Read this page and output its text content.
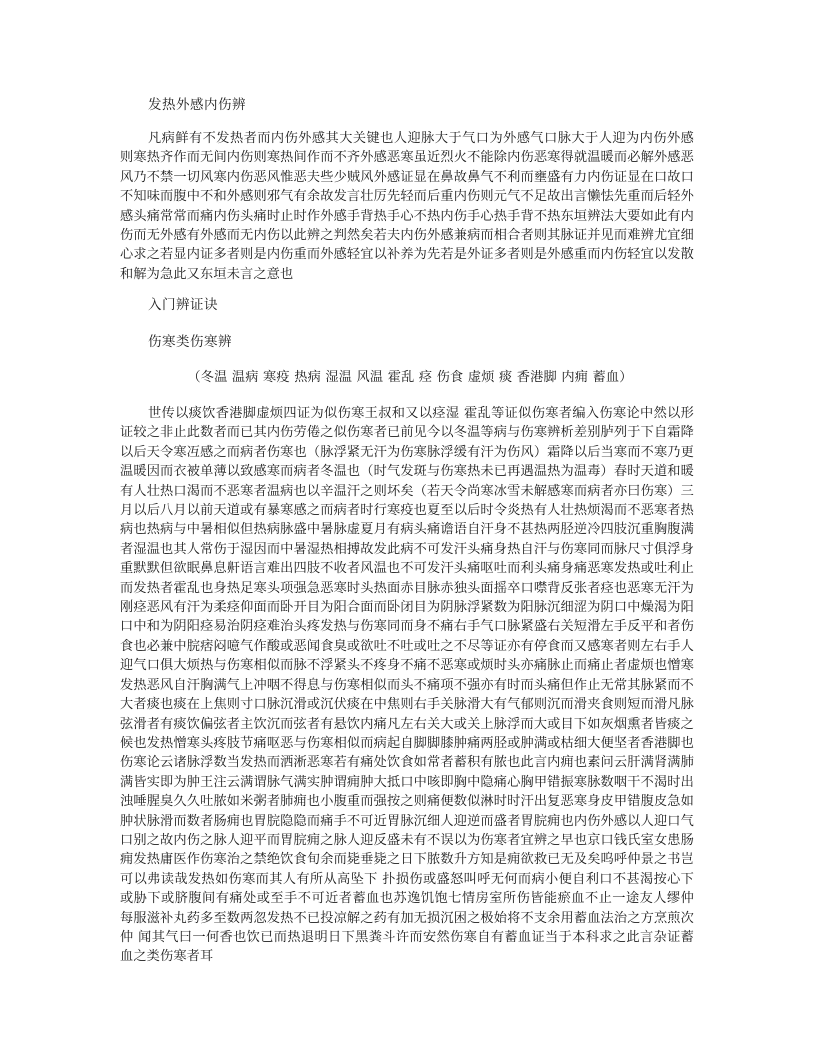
发热外感内伤辨
凡病鲜有不发热者而内伤外感其大关键也人迎脉大于气口为外感气口脉大于人迎为内伤外感则寒热齐作而无间内伤则寒热间作而不齐外感恶寒虽近烈火不能除内伤恶寒得就温暖而必解外感恶风乃不禁一切风寒内伤恶风惟恶夫些少贼风外感证显在鼻故鼻气不利而壅盛有力内伤证显在口故口不知味而腹中不和外感则邪气有余故发言壮厉先轻而后重内伤则元气不足故出言懒怯先重而后轻外感头痛常常而痛内伤头痛时止时作外感手背热手心不热内伤手心热手背不热东垣辨法大要如此有内伤而无外感有外感而无内伤以此辨之判然矣若夫内伤外感兼病而相合者则其脉证并见而难辨尤宜细心求之若显内证多者则是内伤重而外感轻宜以补养为先若是外证多者则是外感重而内伤轻宜以发散和解为急此又东垣未言之意也
入门辨证诀
伤寒类伤寒辨
（冬温 温病 寒疫 热病 湿温 风温 霍乱 痉 伤食 虚烦 痰 香港脚 内痈 蓄血）
世传以痰饮香港脚虚烦四证为似伤寒王叔和又以痉湿 霍乱等证似伤寒者编入伤寒论中然以形证较之非止此数者而已其内伤劳倦之似伤寒者已前见今以冬温等病与伤寒辨析差别胪列于下自霜降以后天令寒冱感之而病者伤寒也（脉浮紧无汗为伤寒脉浮缓有汗为伤风）霜降以后当寒而不寒乃更温暖因而衣被单薄以致感寒而病者冬温也（时气发斑与伤寒热未已再遇温热为温毒）春时天道和暖有人壮热口渴而不恶寒者温病也以辛温汗之则坏矣（若天令尚寒冰雪未解感寒而病者亦曰伤寒）三月以后八月以前天道或有暴寒感之而病者时行寒疫也夏至以后时令炎热有人壮热烦渴而不恶寒者热病也热病与中暑相似但热病脉盛中暑脉虚夏月有病头痛谵语自汗身不甚热两胫逆冷四肢沉重胸腹满者湿温也其人常伤于湿因而中暑湿热相搏故发此病不可发汗头痛身热自汗与伤寒同而脉尺寸俱浮身重默默但欲眠鼻息鼾语言难出四肢不收者风温也不可发汗头痛呕吐而利头痛身痛恶寒发热或吐利止而发热者霍乱也身热足寒头项强急恶寒时头热面赤目脉赤独头面摇卒口噤背反张者痉也恶寒无汗为刚痉恶风有汗为柔痉仰面而卧开目为阳合面而卧闭目为阴脉浮紧数为阳脉沉细涩为阴口中燥渴为阳口中和为阴阳痉易治阴痉难治头疼发热与伤寒同而身不痛右手气口脉紧盛右关短滑左手反平和者伤食也必兼中脘痞闷噫气作酸或恶闻食臭或欲吐不吐或吐之不尽等证亦有停食而又感寒者则左右手人迎气口俱大烦热与伤寒相似而脉不浮紧头不疼身不痛不恶寒或烦时头亦痛脉止而痛止者虚烦也憎寒发热恶风自汗胸满气上冲咽不得息与伤寒相似而头不痛项不强亦有时而头痛但作止无常其脉紧而不大者痰也痰在上焦则寸口脉沉滑或沉伏痰在中焦则右手关脉滑大有气郁则沉而滑夹食则短而滑凡脉弦滑者有痰饮偏弦者主饮沉而弦者有悬饮内痛凡左右关大或关上脉浮而大或目下如灰烟熏者皆痰之候也发热憎寒头疼肢节痛呕恶与伤寒相似而病起自脚脚膝肿痛两胫或肿满或枯细大便坚者香港脚也伤寒论云诸脉浮数当发热而洒淅恶寒若有痛处饮食如常者蓄积有脓也此言内痈也素问云肝满肾满肺满皆实即为肿王注云满谓脉气满实肿谓痈肿大抵口中咳即胸中隐痛心胸甲错振寒脉数咽干不渴时出浊唾腥臭久久吐脓如米粥者肺痈也小腹重而强按之则痛便数似淋时时汗出复恶寒身皮甲错腹皮急如肿状脉滑而数者肠痈也胃脘隐隐而痛手不可近胃脉沉细人迎逆而盛者胃脘痈也内伤外感以人迎口气口别之故内伤之脉人迎平而胃脘痈之脉人迎反盛未有不误以为伤寒者宜辨之早也京口钱氏室女患肠痈发热庸医作伤寒治之禁绝饮食旬余而毙垂毙之日下脓数升方知是痈欲救已无及矣呜呼仲景之书岂可以弗读哉发热如伤寒而其人有所从高坠下 扑损伤或盛怒叫呼无何而病小便自利口不甚渴按心下或胁下或脐腹间有痛处或至手不可近者蓄血也苏逸饥饱七情房室所伤皆能瘀血不止一途友人缪仲 每服滋补丸药多至数两忽发热不已投凉解之药有加无损沉困之极始将不支余用蓄血法治之方烹煎次仲 闻其气曰一何香也饮已而热退明日下黑粪斗许而安然伤寒自有蓄血证当于本科求之此言杂证蓄血之类伤寒者耳
